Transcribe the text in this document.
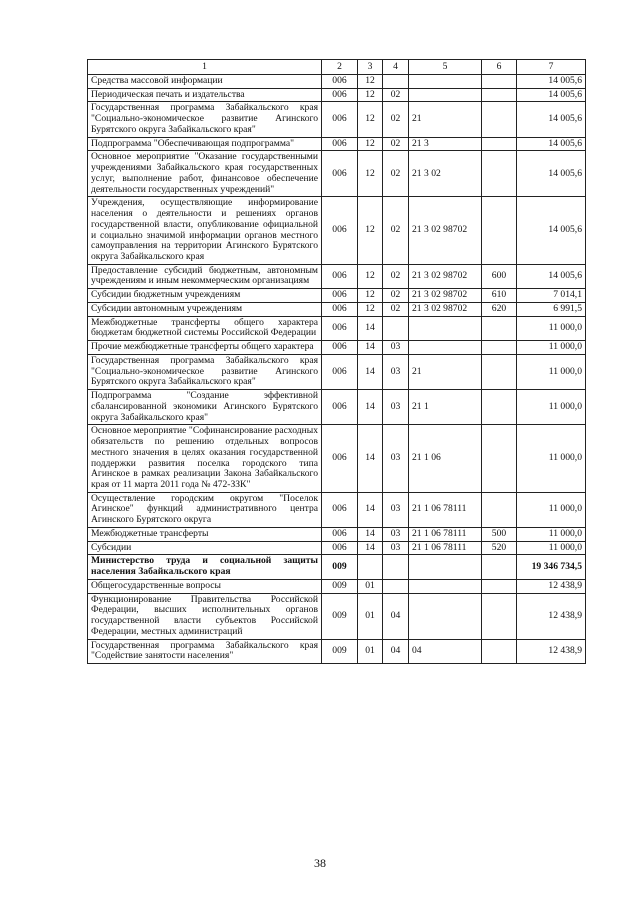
1	2	3	4	5	6	7
Средства массовой информации	006	12				14 005,6
Периодическая печать и издательства	006	12	02			14 005,6
Государственная программа Забайкальского края "Социально-экономическое развитие Агинского Бурятского округа Забайкальского края"	006	12	02	21		14 005,6
Подпрограмма "Обеспечивающая подпрограмма"	006	12	02	21 3		14 005,6
Основное мероприятие "Оказание государственными учреждениями Забайкальского края государственных услуг, выполнение работ, финансовое обеспечение деятельности государственных учреждений"	006	12	02	21 3 02		14 005,6
Учреждения, осуществляющие информирование населения о деятельности и решениях органов государственной власти, опубликование официальной и социально значимой информации органов местного самоуправления на территории Агинского Бурятского округа Забайкальского края	006	12	02	21 3 02 98702		14 005,6
Предоставление субсидий бюджетным, автономным учреждениям и иным некоммерческим организациям	006	12	02	21 3 02 98702	600	14 005,6
Субсидии бюджетным учреждениям	006	12	02	21 3 02 98702	610	7 014,1
Субсидии автономным учреждениям	006	12	02	21 3 02 98702	620	6 991,5
Межбюджетные трансферты общего характера бюджетам бюджетной системы Российской Федерации	006	14				11 000,0
Прочие межбюджетные трансферты общего характера	006	14	03			11 000,0
Государственная программа Забайкальского края "Социально-экономическое развитие Агинского Бурятского округа Забайкальского края"	006	14	03	21		11 000,0
Подпрограмма "Создание эффективной сбалансированной экономики Агинского Бурятского округа Забайкальского края"	006	14	03	21 1		11 000,0
Основное мероприятие "Софинансирование расходных обязательств по решению отдельных вопросов местного значения в целях оказания государственной поддержки развития поселка городского типа Агинское в рамках реализации Закона Забайкальского края от 11 марта 2011 года № 472-ЗЗК"	006	14	03	21 1 06		11 000,0
Осуществление городским округом "Поселок Агинское" функций административного центра Агинского Бурятского округа	006	14	03	21 1 06 78111		11 000,0
Межбюджетные трансферты	006	14	03	21 1 06 78111	500	11 000,0
Субсидии	006	14	03	21 1 06 78111	520	11 000,0
Министерство труда и социальной защиты населения Забайкальского края	009					19 346 734,5
Общегосударственные вопросы	009	01				12 438,9
Функционирование Правительства Российской Федерации, высших исполнительных органов государственной власти субъектов Российской Федерации, местных администраций	009	01	04			12 438,9
Государственная программа Забайкальского края "Содействие занятости населения"	009	01	04	04		12 438,9
38
